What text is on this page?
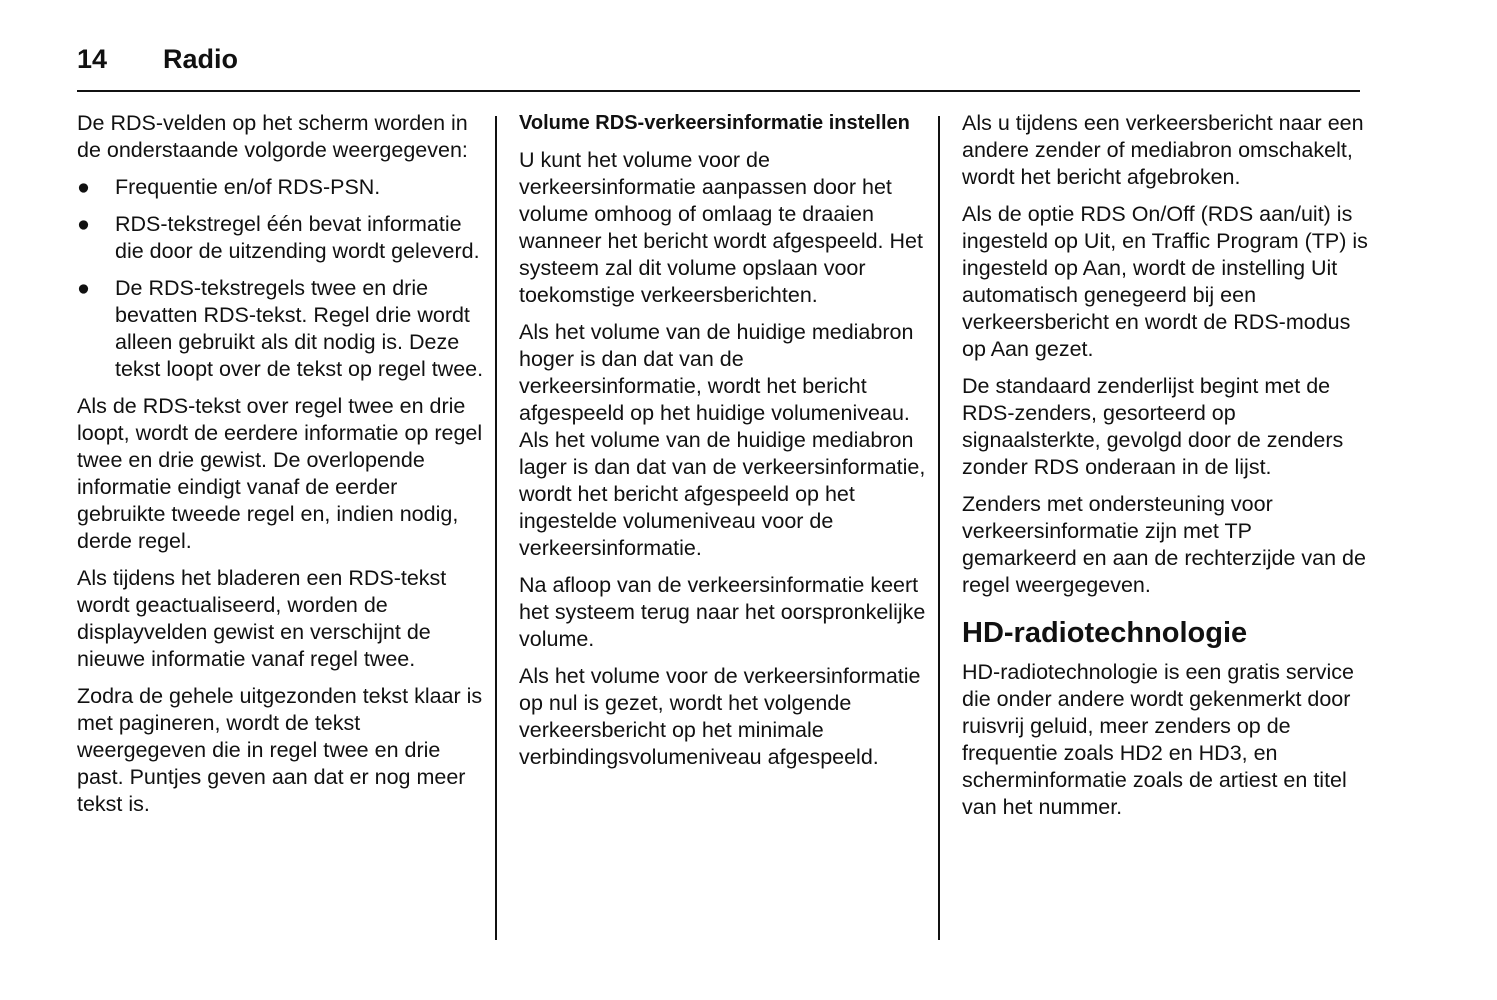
14 Radio

De RDS-velden op het scherm worden in de onderstaande volgorde weergegeven:

● Frequentie en/of RDS-PSN.
● RDS-tekstregel één bevat informatie die door de uitzending wordt geleverd.
● De RDS-tekstregels twee en drie bevatten RDS-tekst. Regel drie wordt alleen gebruikt als dit nodig is. Deze tekst loopt over de tekst op regel twee.

Als de RDS-tekst over regel twee en drie loopt, wordt de eerdere informatie op regel twee en drie gewist. De overlopende informatie eindigt vanaf de eerder gebruikte tweede regel en, indien nodig, derde regel.

Als tijdens het bladeren een RDS-tekst wordt geactualiseerd, worden de displayvelden gewist en verschijnt de nieuwe informatie vanaf regel twee.

Zodra de gehele uitgezonden tekst klaar is met pagineren, wordt de tekst weergegeven die in regel twee en drie past. Puntjes geven aan dat er nog meer tekst is.

Volume RDS-verkeersinformatie instellen

U kunt het volume voor de verkeersinformatie aanpassen door het volume omhoog of omlaag te draaien wanneer het bericht wordt afgespeeld. Het systeem zal dit volume opslaan voor toekomstige verkeersberichten.

Als het volume van de huidige mediabron hoger is dan dat van de verkeersinformatie, wordt het bericht afgespeeld op het huidige volumeniveau. Als het volume van de huidige mediabron lager is dan dat van de verkeersinformatie, wordt het bericht afgespeeld op het ingestelde volumeniveau voor de verkeersinformatie.

Na afloop van de verkeersinformatie keert het systeem terug naar het oorspronkelijke volume.

Als het volume voor de verkeersinformatie op nul is gezet, wordt het volgende verkeersbericht op het minimale verbindingsvolumeniveau afgespeeld.

Als u tijdens een verkeersbericht naar een andere zender of mediabron omschakelt, wordt het bericht afgebroken.

Als de optie RDS On/Off (RDS aan/uit) is ingesteld op Uit, en Traffic Program (TP) is ingesteld op Aan, wordt de instelling Uit automatisch genegeerd bij een verkeersbericht en wordt de RDS-modus op Aan gezet.

De standaard zenderlijst begint met de RDS-zenders, gesorteerd op signaalsterkte, gevolgd door de zenders zonder RDS onderaan in de lijst.

Zenders met ondersteuning voor verkeersinformatie zijn met TP gemarkeerd en aan de rechterzijde van de regel weergegeven.

HD-radiotechnologie

HD-radiotechnologie is een gratis service die onder andere wordt gekenmerkt door ruisvrij geluid, meer zenders op de frequentie zoals HD2 en HD3, en scherminformatie zoals de artiest en titel van het nummer.
